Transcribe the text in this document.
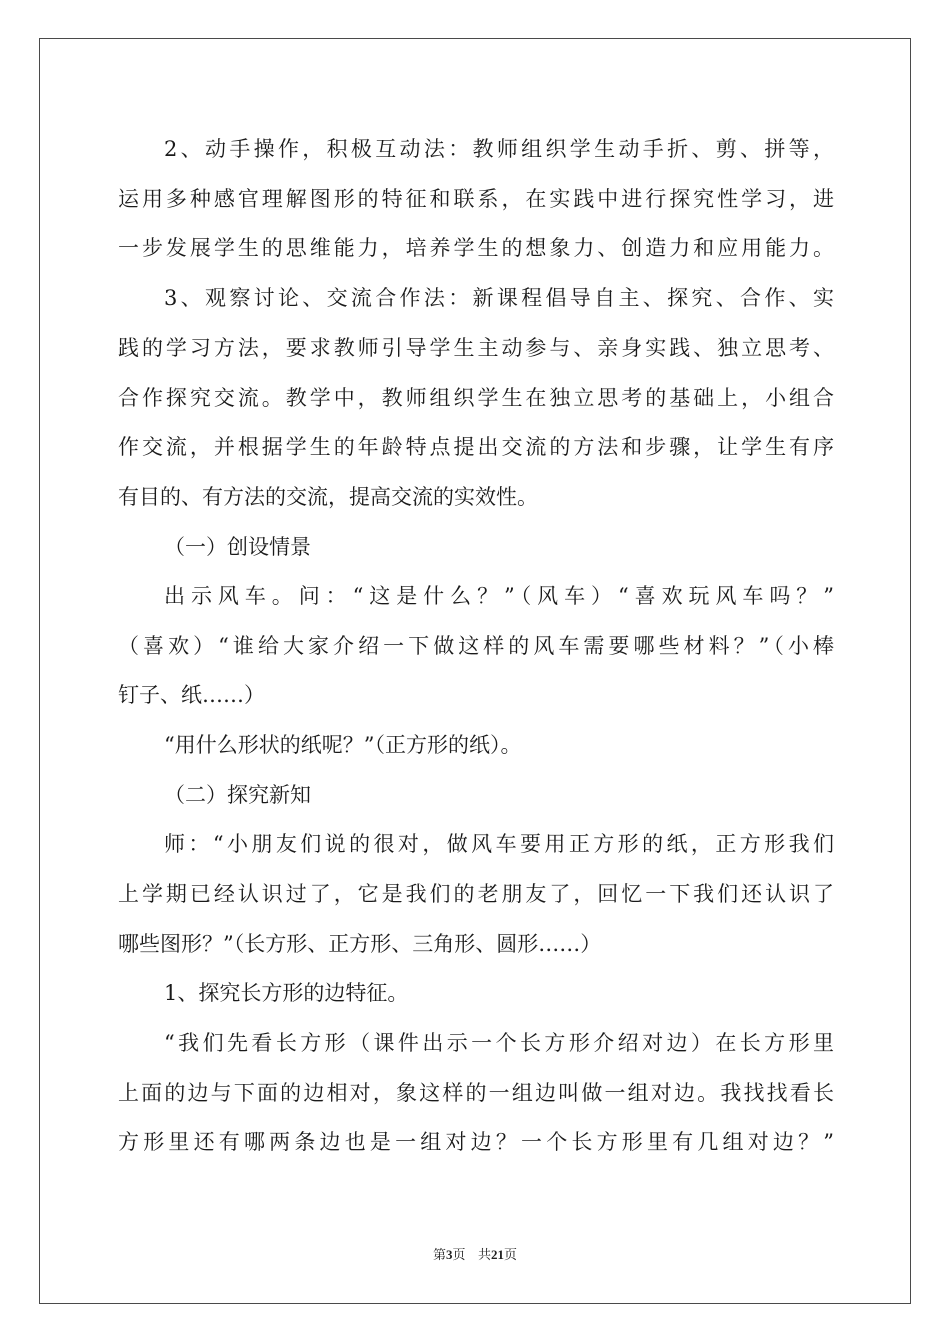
2、动手操作，积极互动法：教师组织学生动手折、剪、拼等，
运用多种感官理解图形的特征和联系，在实践中进行探究性学习，进
一步发展学生的思维能力，培养学生的想象力、创造力和应用能力。
3、观察讨论、交流合作法：新课程倡导自主、探究、合作、实
践的学习方法，要求教师引导学生主动参与、亲身实践、独立思考、
合作探究交流。教学中，教师组织学生在独立思考的基础上，小组合
作交流，并根据学生的年龄特点提出交流的方法和步骤，让学生有序
有目的、有方法的交流，提高交流的实效性。
（一）创设情景
出示风车。问：“这是什么？”（风车）“喜欢玩风车吗？”
（喜欢）“谁给大家介绍一下做这样的风车需要哪些材料？”（小棒
钉子、纸……）
“用什么形状的纸呢？”（正方形的纸）。
（二）探究新知
师：“小朋友们说的很对，做风车要用正方形的纸，正方形我们
上学期已经认识过了，它是我们的老朋友了，回忆一下我们还认识了
哪些图形？”（长方形、正方形、三角形、圆形……）
1、探究长方形的边特征。
“我们先看长方形（课件出示一个长方形介绍对边）在长方形里
上面的边与下面的边相对，象这样的一组边叫做一组对边。我找找看长
方形里还有哪两条边也是一组对边？一个长方形里有几组对边？”
第3页 共21页
